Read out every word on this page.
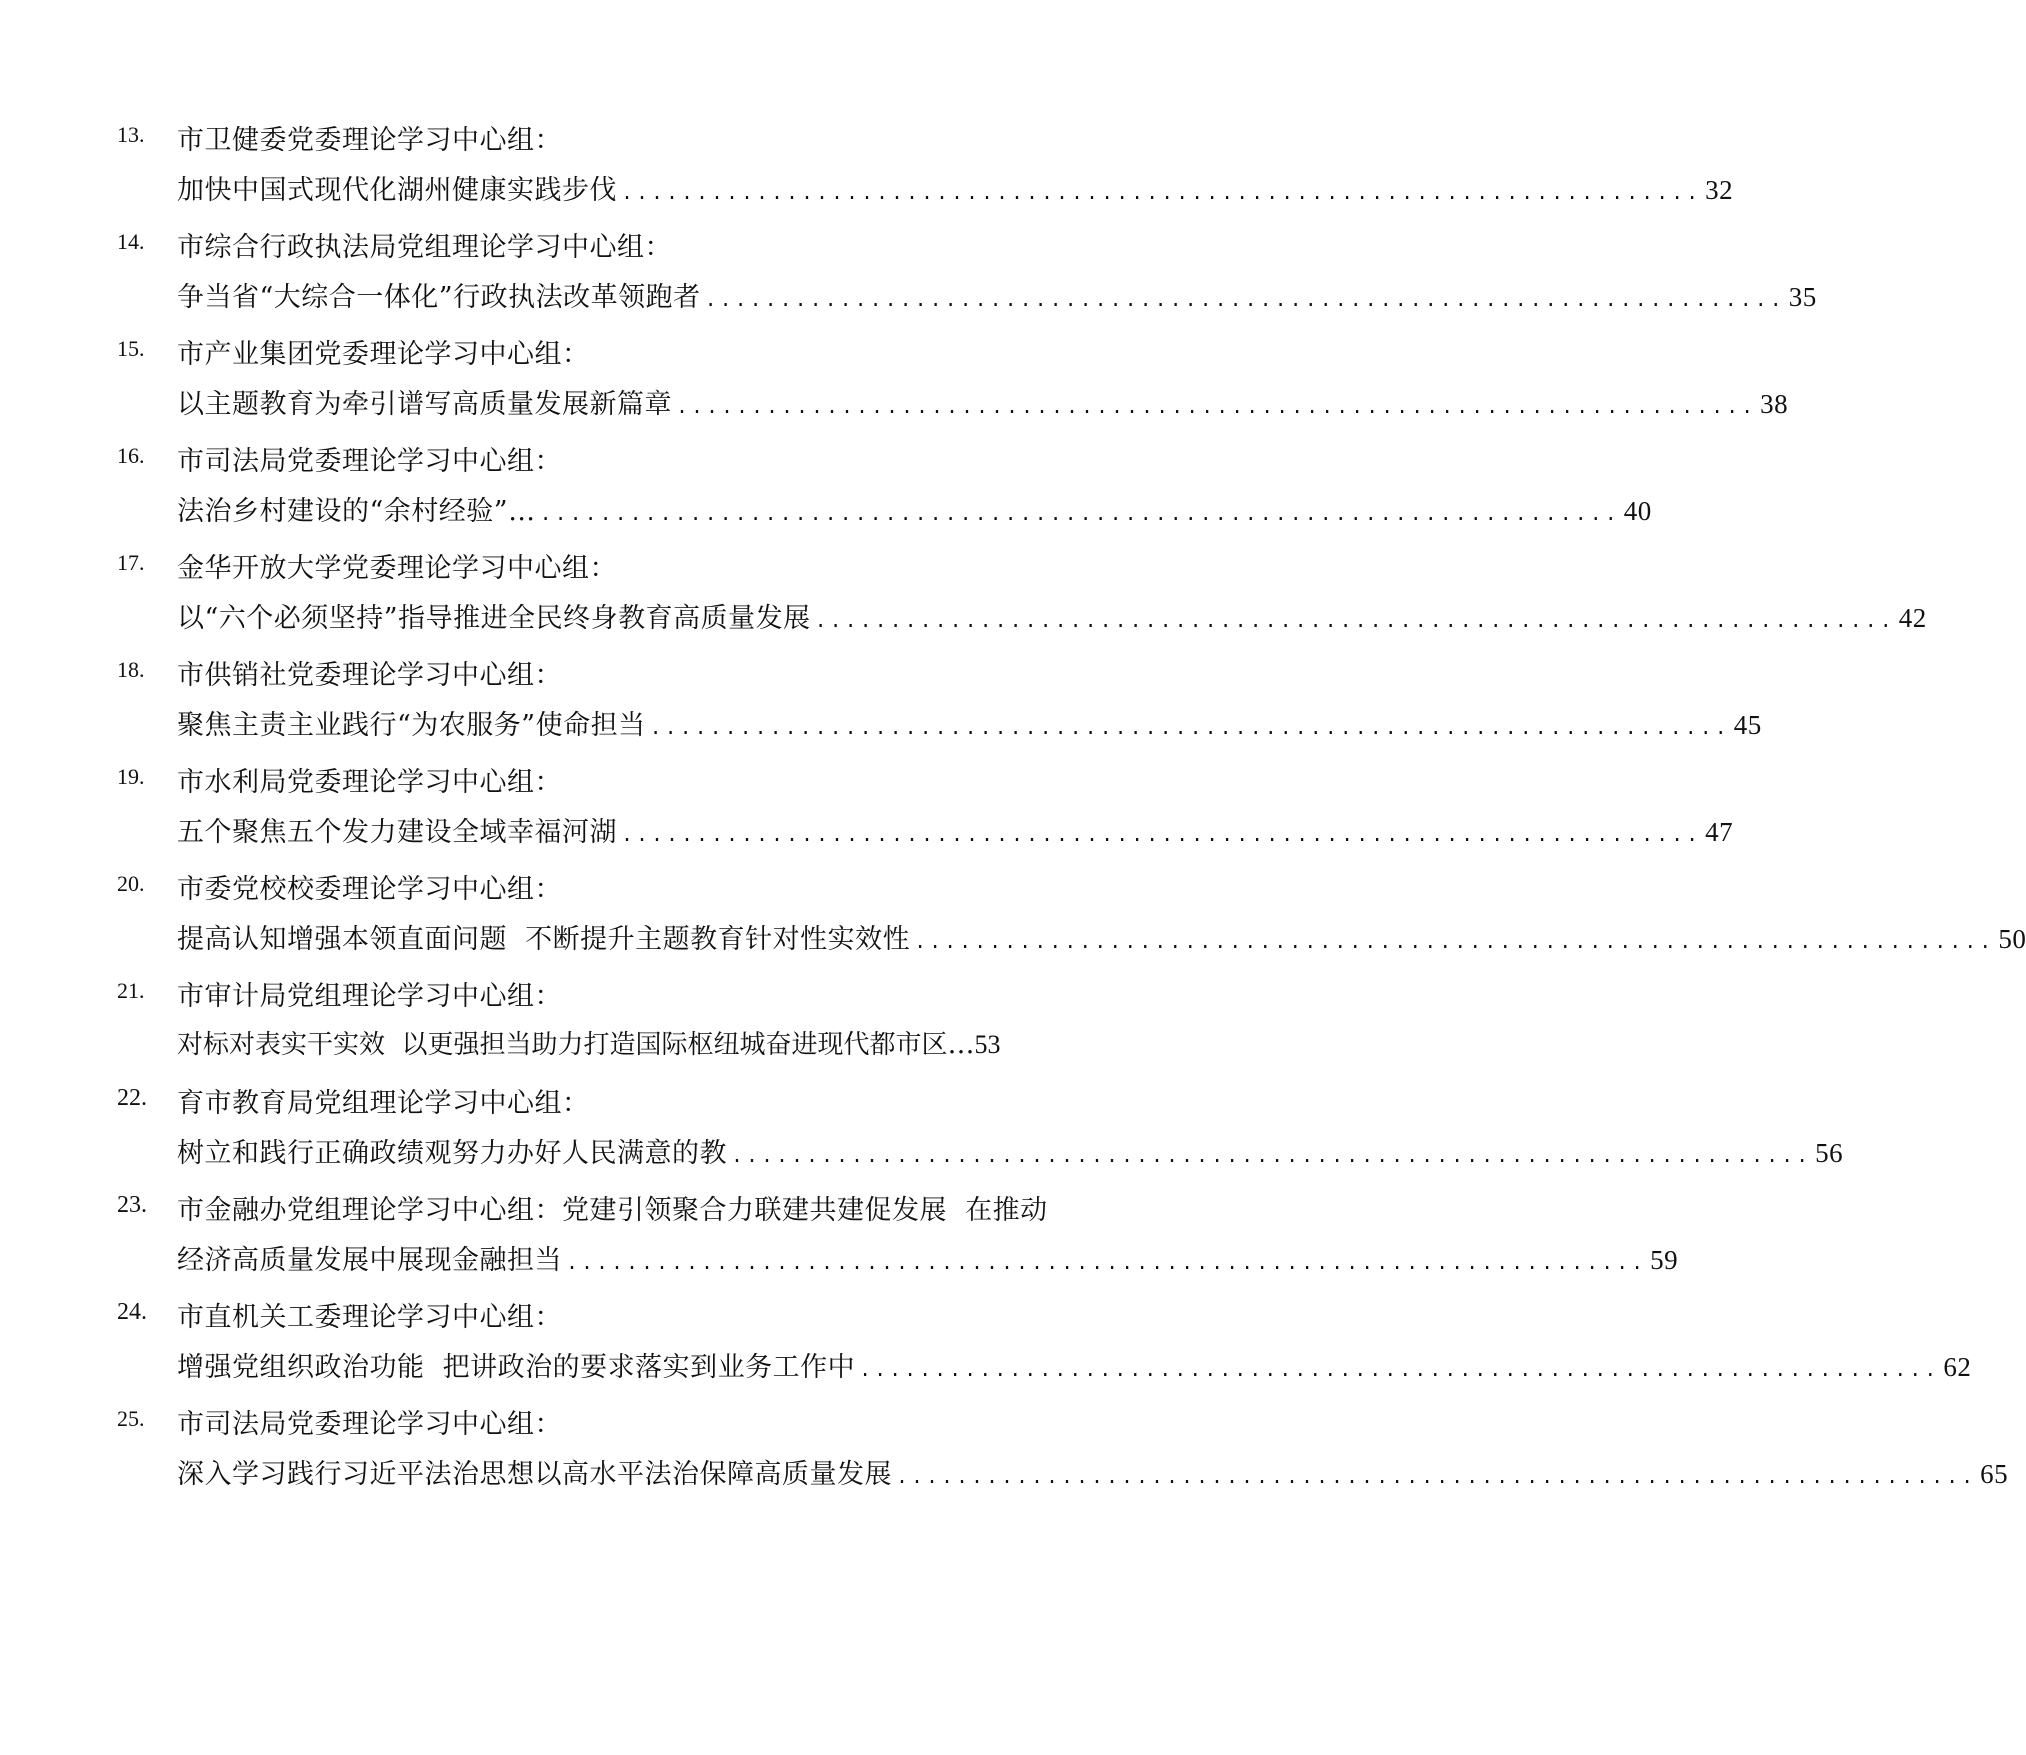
13. 市卫健委党委理论学习中心组：
加快中国式现代化湖州健康实践步伐 ........................................................................ 32
14. 市综合行政执法局党组理论学习中心组：
争当省“大综合一体化”行政执法改革领跑者 ........................................................................ 35
15. 市产业集团党委理论学习中心组：
以主题教育为牵引谱写高质量发展新篇章 ........................................................................ 38
16. 市司法局党委理论学习中心组：
法治乡村建设的“余村经验”… ........................................................................ 40
17. 金华开放大学党委理论学习中心组：
以“六个必须坚持”指导推进全民终身教育高质量发展 ........................................................................ 42
18. 市供销社党委理论学习中心组：
聚焦主责主业践行“为农服务”使命担当 ........................................................................ 45
19. 市水利局党委理论学习中心组：
五个聚焦五个发力建设全域幸福河湖 ........................................................................ 47
20. 市委党校校委理论学习中心组：
提高认知增强本领直面问题  不断提升主题教育针对性实效性 ........................................................................ 50
21. 市审计局党组理论学习中心组：
对标对表实干实效  以更强担当助力打造国际枢纽城奋进现代都市区 … 53
22. 育市教育局党组理论学习中心组：
树立和践行正确政绩观努力办好人民满意的教 ........................................................................ 56
23. 市金融办党组理论学习中心组：党建引领聚合力联建共建促发展  在推动
经济高质量发展中展现金融担当 ........................................................................ 59
24. 市直机关工委理论学习中心组：
增强党组织政治功能  把讲政治的要求落实到业务工作中 ........................................................................ 62
25. 市司法局党委理论学习中心组：
深入学习践行习近平法治思想以高水平法治保障高质量发展 ........................................................................ 65
